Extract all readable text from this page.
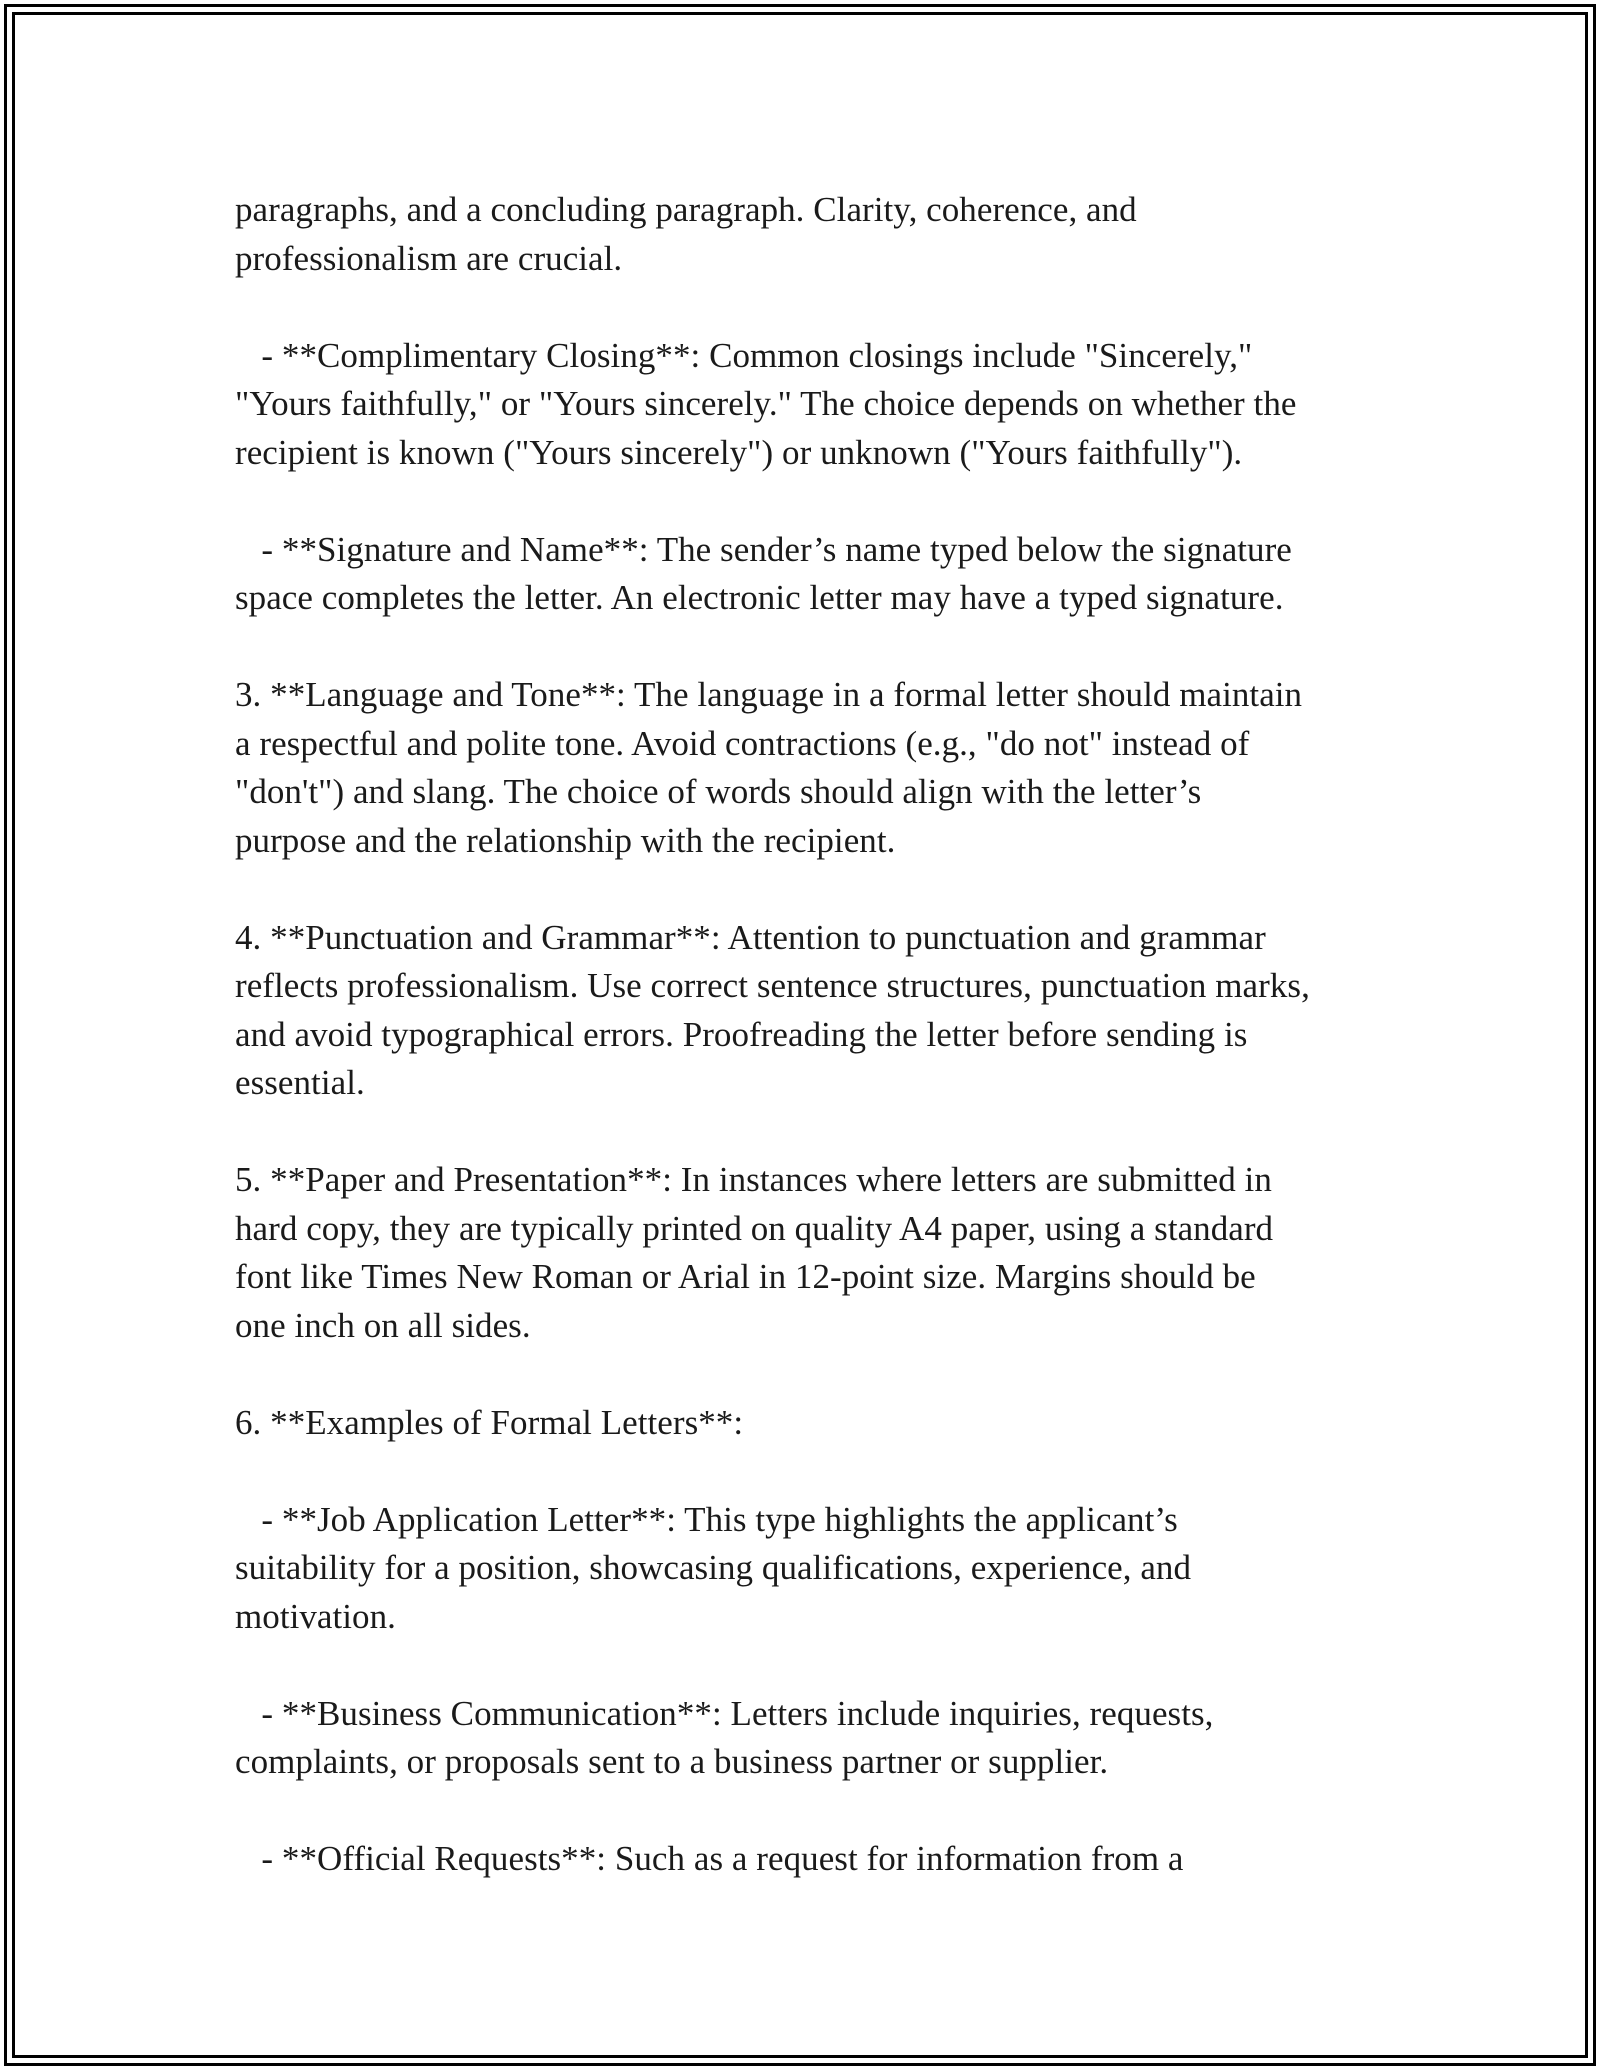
paragraphs, and a concluding paragraph. Clarity, coherence, and
professionalism are crucial.

- **Complimentary Closing**: Common closings include "Sincerely,"
"Yours faithfully," or "Yours sincerely." The choice depends on whether the
recipient is known ("Yours sincerely") or unknown ("Yours faithfully").

- **Signature and Name**: The sender’s name typed below the signature
space completes the letter. An electronic letter may have a typed signature.

3. **Language and Tone**: The language in a formal letter should maintain
a respectful and polite tone. Avoid contractions (e.g., "do not" instead of
"don't") and slang. The choice of words should align with the letter’s
purpose and the relationship with the recipient.

4. **Punctuation and Grammar**: Attention to punctuation and grammar
reflects professionalism. Use correct sentence structures, punctuation marks,
and avoid typographical errors. Proofreading the letter before sending is
essential.

5. **Paper and Presentation**: In instances where letters are submitted in
hard copy, they are typically printed on quality A4 paper, using a standard
font like Times New Roman or Arial in 12-point size. Margins should be
one inch on all sides.

6. **Examples of Formal Letters**:

- **Job Application Letter**: This type highlights the applicant’s
suitability for a position, showcasing qualifications, experience, and
motivation.

- **Business Communication**: Letters include inquiries, requests,
complaints, or proposals sent to a business partner or supplier.

- **Official Requests**: Such as a request for information from a
